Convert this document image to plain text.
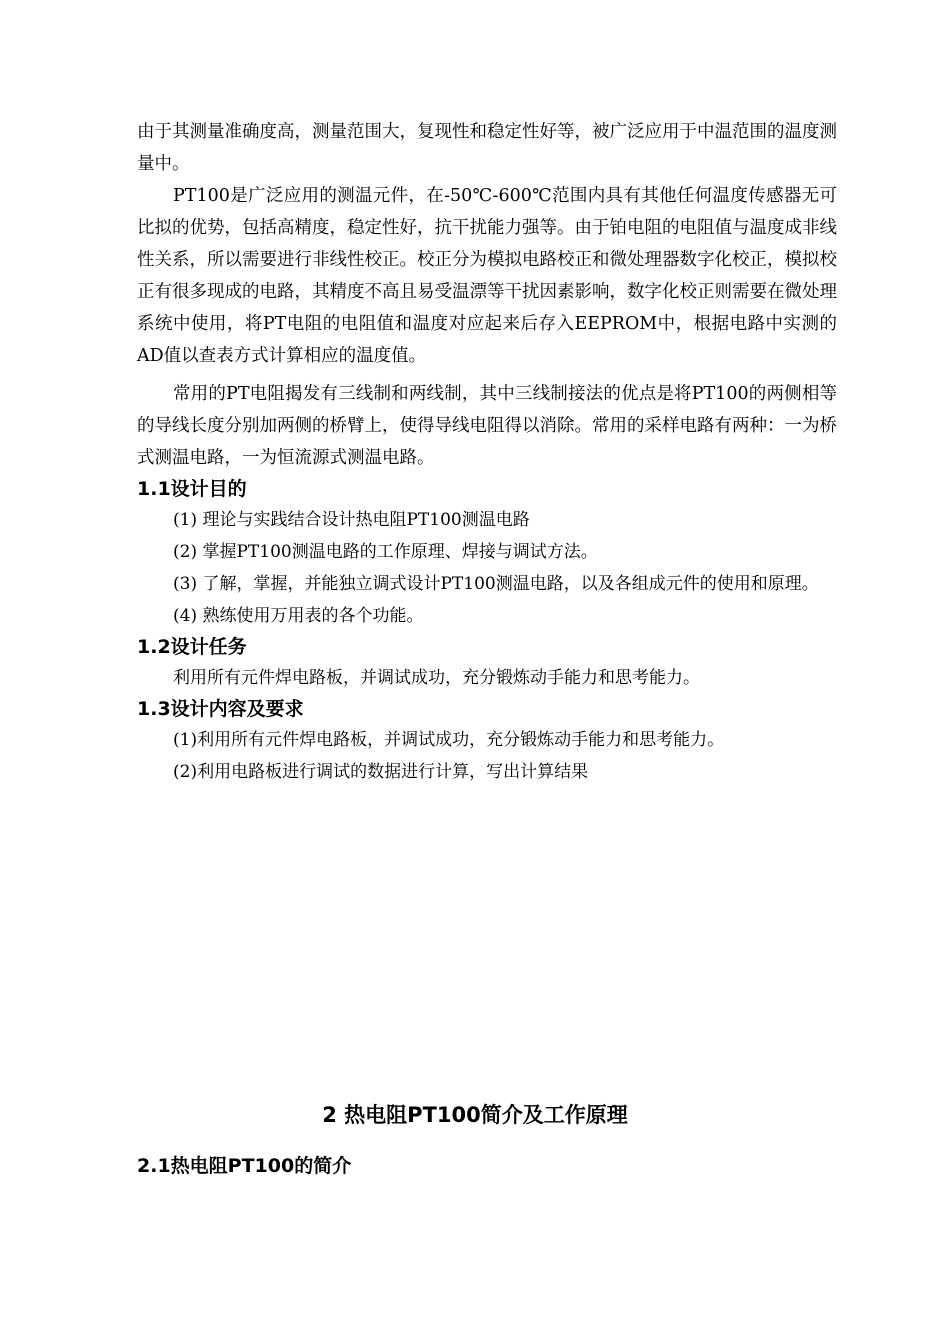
由于其测量准确度高，测量范围大，复现性和稳定性好等，被广泛应用于中温范围的温度测量中。

PT100是广泛应用的测温元件，在-50℃-600℃范围内具有其他任何温度传感器无可比拟的优势，包括高精度，稳定性好，抗干扰能力强等。由于铂电阻的电阻值与温度成非线性关系，所以需要进行非线性校正。校正分为模拟电路校正和微处理器数字化校正，模拟校正有很多现成的电路，其精度不高且易受温漂等干扰因素影响，数字化校正则需要在微处理系统中使用，将PT电阻的电阻值和温度对应起来后存入EEPROM中，根据电路中实测的AD值以查表方式计算相应的温度值。

常用的PT电阻揭发有三线制和两线制，其中三线制接法的优点是将PT100的两侧相等的导线长度分别加两侧的桥臂上，使得导线电阻得以消除。常用的采样电路有两种：一为桥式测温电路，一为恒流源式测温电路。

1.1设计目的

(1) 理论与实践结合设计热电阻PT100测温电路

(2) 掌握PT100测温电路的工作原理、焊接与调试方法。

(3) 了解，掌握，并能独立调式设计PT100测温电路，以及各组成元件的使用和原理。

(4) 熟练使用万用表的各个功能。

1.2设计任务

利用所有元件焊电路板，并调试成功，充分锻炼动手能力和思考能力。

1.3设计内容及要求

(1)利用所有元件焊电路板，并调试成功，充分锻炼动手能力和思考能力。

(2)利用电路板进行调试的数据进行计算，写出计算结果

2 热电阻PT100简介及工作原理
2.1热电阻PT100的简介
